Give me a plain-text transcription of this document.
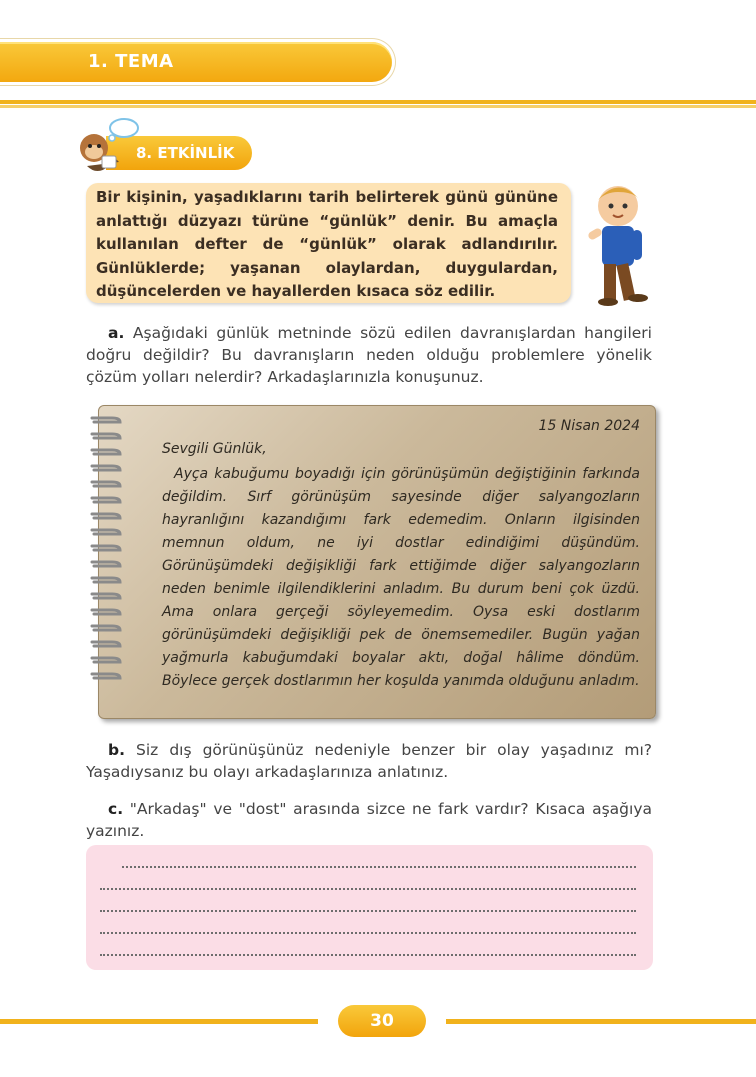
1. TEMA
8. ETKİNLİK
Bir kişinin, yaşadıklarını tarih belirterek günü gününe anlattığı düzyazı türüne “günlük” denir. Bu amaçla kullanılan defter de “günlük” olarak adlandırılır. Günlüklerde; yaşanan olaylardan, duygulardan, düşüncelerden ve hayallerden kısaca söz edilir.
a. Aşağıdaki günlük metninde sözü edilen davranışlardan hangileri doğru değildir? Bu davranışların neden olduğu problemlere yönelik çözüm yolları nelerdir? Arkadaşlarınızla konuşunuz.
15 Nisan 2024
Sevgili Günlük,
Ayça kabuğumu boyadığı için görünüşümün değiştiğinin farkında değildim. Sırf görünüşüm sayesinde diğer salyangozların hayranlığını kazandığımı fark edemedim. Onların ilgisinden memnun oldum, ne iyi dostlar edindiğimi düşündüm. Görünüşümdeki değişikliği fark ettiğimde diğer salyangozların neden benimle ilgilendiklerini anladım. Bu durum beni çok üzdü. Ama onlara gerçeği söyleyemedim. Oysa eski dostlarım görünüşümdeki değişikliği pek de önemsemediler. Bugün yağan yağmurla kabuğumdaki boyalar aktı, doğal hâlime döndüm. Böylece gerçek dostlarımın her koşulda yanımda olduğunu anladım.
b. Siz dış görünüşünüz nedeniyle benzer bir olay yaşadınız mı? Yaşadıysanız bu olayı arkadaşlarınıza anlatınız.
c. "Arkadaş" ve "dost" arasında sizce ne fark vardır? Kısaca aşağıya yazınız.
30
